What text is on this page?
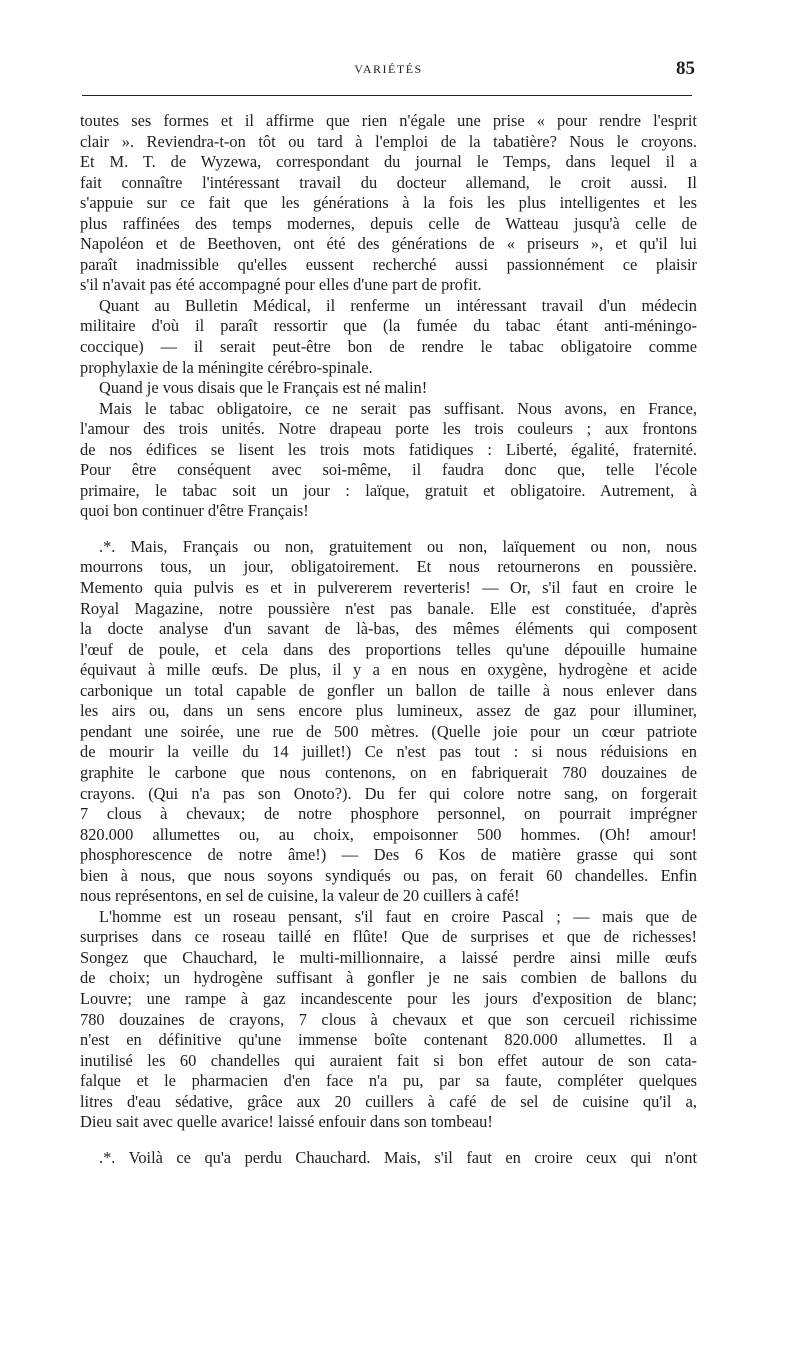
VARIÉTÉS	85

toutes ses formes et il affirme que rien n'égale une prise « pour rendre l'esprit

clair ». Reviendra-t-on tôt ou tard à l'emploi de la tabatière? Nous le croyons.

Et M. T. de Wyzewa, correspondant du journal le Temps, dans lequel il a

fait connaître l'intéressant travail du docteur allemand, le croit aussi. Il

s'appuie sur ce fait que les générations à la fois les plus intelligentes et les

plus raffinées des temps modernes, depuis celle de Watteau jusqu'à celle de

Napoléon et de Beethoven, ont été des générations de « priseurs », et qu'il lui

paraît inadmissible qu'elles eussent recherché aussi passionnément ce plaisir

s'il n'avait pas été accompagné pour elles d'une part de profit.

Quant au Bulletin Médical, il renferme un intéressant travail d'un médecin

militaire d'où il paraît ressortir que (la fumée du tabac étant anti-méningo-

coccique) — il serait peut-être bon de rendre le tabac obligatoire comme

prophylaxie de la méningite cérébro-spinale.

Quand je vous disais que le Français est né malin!

Mais le tabac obligatoire, ce ne serait pas suffisant. Nous avons, en France,

l'amour des trois unités. Notre drapeau porte les trois couleurs ; aux frontons

de nos édifices se lisent les trois mots fatidiques : Liberté, égalité, fraternité.

Pour être conséquent avec soi-même, il faudra donc que, telle l'école

primaire, le tabac soit un jour : laïque, gratuit et obligatoire. Autrement, à

quoi bon continuer d'être Français!

.*. Mais, Français ou non, gratuitement ou non, laïquement ou non, nous

mourrons tous, un jour, obligatoirement. Et nous retournerons en poussière.

Memento quia pulvis es et in pulvererem reverteris! — Or, s'il faut en croire le

Royal Magazine, notre poussière n'est pas banale. Elle est constituée, d'après

la docte analyse d'un savant de là-bas, des mêmes éléments qui composent

l'œuf de poule, et cela dans des proportions telles qu'une dépouille humaine

équivaut à mille œufs. De plus, il y a en nous en oxygène, hydrogène et acide

carbonique un total capable de gonfler un ballon de taille à nous enlever dans

les airs ou, dans un sens encore plus lumineux, assez de gaz pour illuminer,

pendant une soirée, une rue de 500 mètres. (Quelle joie pour un cœur patriote

de mourir la veille du 14 juillet!) Ce n'est pas tout : si nous réduisions en

graphite le carbone que nous contenons, on en fabriquerait 780 douzaines de

crayons. (Qui n'a pas son Onoto?). Du fer qui colore notre sang, on forgerait

7 clous à chevaux; de notre phosphore personnel, on pourrait imprégner

820.000 allumettes ou, au choix, empoisonner 500 hommes. (Oh! amour!

phosphorescence de notre âme!) — Des 6 Kos de matière grasse qui sont

bien à nous, que nous soyons syndiqués ou pas, on ferait 60 chandelles. Enfin

nous représentons, en sel de cuisine, la valeur de 20 cuillers à café!

L'homme est un roseau pensant, s'il faut en croire Pascal ; — mais que de

surprises dans ce roseau taillé en flûte! Que de surprises et que de richesses!

Songez que Chauchard, le multi-millionnaire, a laissé perdre ainsi mille œufs

de choix; un hydrogène suffisant à gonfler je ne sais combien de ballons du

Louvre; une rampe à gaz incandescente pour les jours d'exposition de blanc;

780 douzaines de crayons, 7 clous à chevaux et que son cercueil richissime

n'est en définitive qu'une immense boîte contenant 820.000 allumettes. Il a

inutilisé les 60 chandelles qui auraient fait si bon effet autour de son cata-

falque et le pharmacien d'en face n'a pu, par sa faute, compléter quelques

litres d'eau sédative, grâce aux 20 cuillers à café de sel de cuisine qu'il a,

Dieu sait avec quelle avarice! laissé enfouir dans son tombeau!

.*. Voilà ce qu'a perdu Chauchard. Mais, s'il faut en croire ceux qui n'ont
